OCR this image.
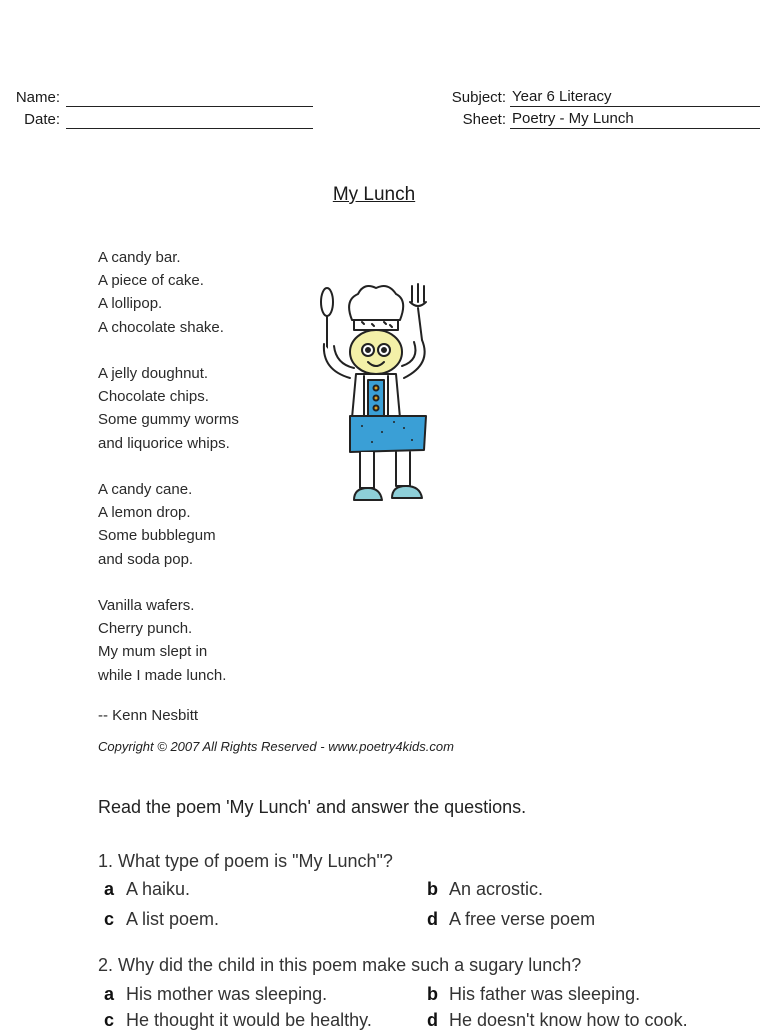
Name:
Date:
Subject: Year 6 Literacy
Sheet: Poetry - My Lunch
My Lunch
A candy bar.
A piece of cake.
A lollipop.
A chocolate shake.
A jelly doughnut.
Chocolate chips.
Some gummy worms
and liquorice whips.
A candy cane.
A lemon drop.
Some bubblegum
and soda pop.
Vanilla wafers.
Cherry punch.
My mum slept in
while I made lunch.
-- Kenn Nesbitt
Copyright © 2007 All Rights Reserved - www.poetry4kids.com
Read the poem 'My Lunch' and answer the questions.
1. What type of poem is "My Lunch"?
a A haiku.	b An acrostic.
c A list poem.	d A free verse poem
2. Why did the child in this poem make such a sugary lunch?
a His mother was sleeping.	b His father was sleeping.
c He thought it would be healthy.	d He doesn't know how to cook.
